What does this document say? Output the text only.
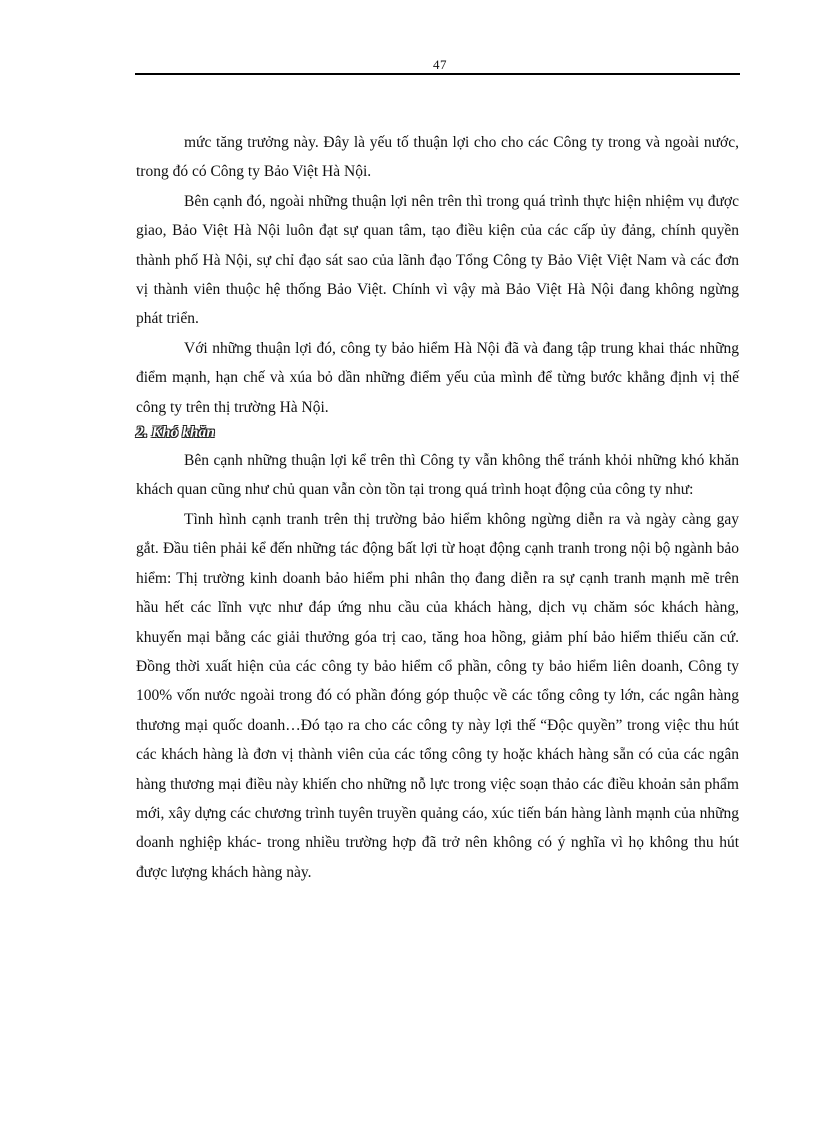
47

mức tăng trưởng này. Đây là yếu tố thuận lợi cho cho các Công ty trong và ngoài nước, trong đó có Công ty Bảo Việt Hà Nội.

Bên cạnh đó, ngoài những thuận lợi nên trên thì trong quá trình thực hiện nhiệm vụ được giao, Bảo Việt Hà Nội luôn đạt sự quan tâm, tạo điều kiện của các cấp ủy đảng, chính quyền thành phố Hà Nội, sự chỉ đạo sát sao của lãnh đạo Tổng Công ty Bảo Việt Việt Nam và các đơn vị thành viên thuộc hệ thống Bảo Việt. Chính vì vậy mà Bảo Việt Hà Nội đang không ngừng phát triển.

Với những thuận lợi đó, công ty bảo hiểm Hà Nội đã và đang tập trung khai thác những điểm mạnh, hạn chế và xúa bỏ dần những điểm yếu của mình để từng bước khẳng định vị thế công ty trên thị trường Hà Nội.

2. Khó khăn

Bên cạnh những thuận lợi kể trên thì Công ty vẫn không thể tránh khỏi những khó khăn khách quan cũng như chủ quan vẫn còn tồn tại trong quá trình hoạt động của công ty như:

Tình hình cạnh tranh trên thị trường bảo hiểm không ngừng diễn ra và ngày càng gay gắt. Đầu tiên phải kể đến những tác động bất lợi từ hoạt động cạnh tranh trong nội bộ ngành bảo hiểm: Thị trường kinh doanh bảo hiểm phi nhân thọ đang diễn ra sự cạnh tranh mạnh mẽ trên hầu hết các lĩnh vực như đáp ứng nhu cầu của khách hàng, dịch vụ chăm sóc khách hàng, khuyến mại bằng các giải thưởng góa trị cao, tăng hoa hồng, giảm phí bảo hiểm thiếu căn cứ. Đồng thời xuất hiện của các công ty bảo hiểm cổ phần, công ty bảo hiểm liên doanh, Công ty 100% vốn nước ngoài trong đó có phần đóng góp thuộc về các tổng công ty lớn, các ngân hàng thương mại quốc doanh…Đó tạo ra cho các công ty này lợi thế “Độc quyền” trong việc thu hút các khách hàng là đơn vị thành viên của các tổng công ty hoặc khách hàng sẵn có của các ngân hàng thương mại điều này khiến cho những nỗ lực trong việc soạn thảo các điều khoản sản phẩm mới, xây dựng các chương trình tuyên truyền quảng cáo, xúc tiến bán hàng lành mạnh của những doanh nghiệp khác- trong nhiều trường hợp đã trở nên không có ý nghĩa vì họ không thu hút được lượng khách hàng này.
